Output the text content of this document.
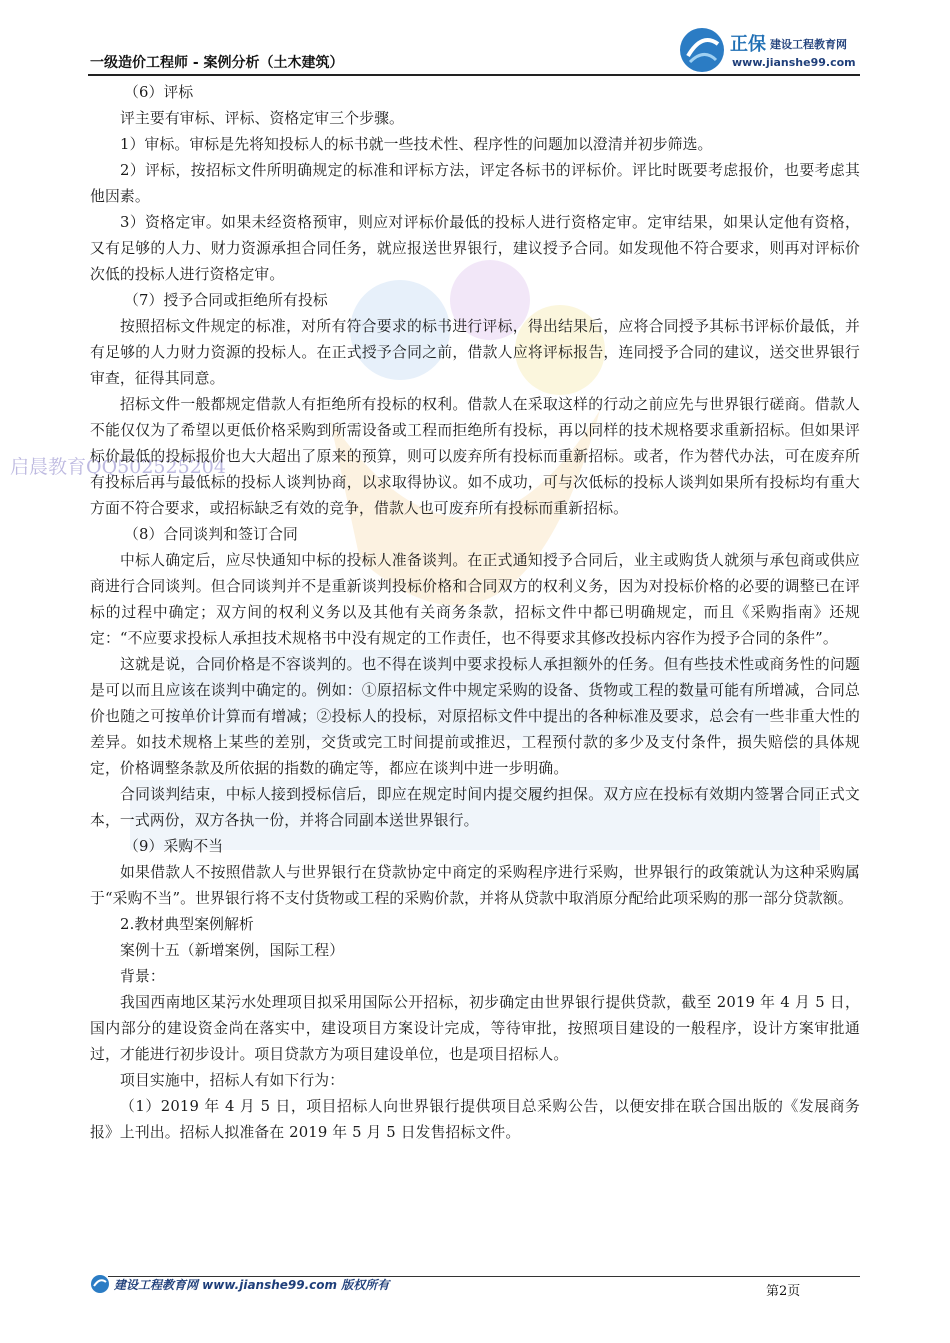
启晨教育QQ502525204
一级造价工程师 - 案例分析（土木建筑）
正保 建设工程教育网
www.jianshe99.com

（6）评标

评主要有审标、评标、资格定审三个步骤。

1）审标。审标是先将知投标人的标书就一些技术性、程序性的问题加以澄清并初步筛选。

2）评标，按招标文件所明确规定的标准和评标方法，评定各标书的评标价。评比时既要考虑报价，也要考虑其他因素。

3）资格定审。如果未经资格预审，则应对评标价最低的投标人进行资格定审。定审结果，如果认定他有资格，又有足够的人力、财力资源承担合同任务，就应报送世界银行，建议授予合同。如发现他不符合要求，则再对评标价次低的投标人进行资格定审。

（7）授予合同或拒绝所有投标

按照招标文件规定的标准，对所有符合要求的标书进行评标，得出结果后，应将合同授予其标书评标价最低，并有足够的人力财力资源的投标人。在正式授予合同之前，借款人应将评标报告，连同授予合同的建议，送交世界银行审查，征得其同意。

招标文件一般都规定借款人有拒绝所有投标的权利。借款人在采取这样的行动之前应先与世界银行磋商。借款人不能仅仅为了希望以更低价格采购到所需设备或工程而拒绝所有投标，再以同样的技术规格要求重新招标。但如果评标价最低的投标报价也大大超出了原来的预算，则可以废弃所有投标而重新招标。或者，作为替代办法，可在废弃所有投标后再与最低标的投标人谈判协商，以求取得协议。如不成功，可与次低标的投标人谈判如果所有投标均有重大方面不符合要求，或招标缺乏有效的竞争，借款人也可废弃所有投标而重新招标。

（8）合同谈判和签订合同

中标人确定后，应尽快通知中标的投标人准备谈判。在正式通知授予合同后，业主或购货人就须与承包商或供应商进行合同谈判。但合同谈判并不是重新谈判投标价格和合同双方的权利义务，因为对投标价格的必要的调整已在评标的过程中确定；双方间的权利义务以及其他有关商务条款，招标文件中都已明确规定，而且《采购指南》还规定：“不应要求投标人承担技术规格书中没有规定的工作责任，也不得要求其修改投标内容作为授予合同的条件”。

这就是说，合同价格是不容谈判的。也不得在谈判中要求投标人承担额外的任务。但有些技术性或商务性的问题是可以而且应该在谈判中确定的。例如：①原招标文件中规定采购的设备、货物或工程的数量可能有所增减，合同总价也随之可按单价计算而有增减；②投标人的投标，对原招标文件中提出的各种标准及要求，总会有一些非重大性的差异。如技术规格上某些的差别，交货或完工时间提前或推迟，工程预付款的多少及支付条件，损失赔偿的具体规定，价格调整条款及所依据的指数的确定等，都应在谈判中进一步明确。

合同谈判结束，中标人接到授标信后，即应在规定时间内提交履约担保。双方应在投标有效期内签署合同正式文本，一式两份，双方各执一份，并将合同副本送世界银行。

（9）采购不当

如果借款人不按照借款人与世界银行在贷款协定中商定的采购程序进行采购，世界银行的政策就认为这种采购属于“采购不当”。世界银行将不支付货物或工程的采购价款，并将从贷款中取消原分配给此项采购的那一部分贷款额。

2.教材典型案例解析

案例十五（新增案例，国际工程）

背景：

我国西南地区某污水处理项目拟采用国际公开招标，初步确定由世界银行提供贷款，截至 2019 年 4 月 5 日，国内部分的建设资金尚在落实中，建设项目方案设计完成，等待审批，按照项目建设的一般程序，设计方案审批通过，才能进行初步设计。项目贷款方为项目建设单位，也是项目招标人。

项目实施中，招标人有如下行为：

（1）2019 年 4 月 5 日，项目招标人向世界银行提供项目总采购公告，以便安排在联合国出版的《发展商务报》上刊出。招标人拟准备在 2019 年 5 月 5 日发售招标文件。

建设工程教育网 www.jianshe99.com 版权所有	第2页
